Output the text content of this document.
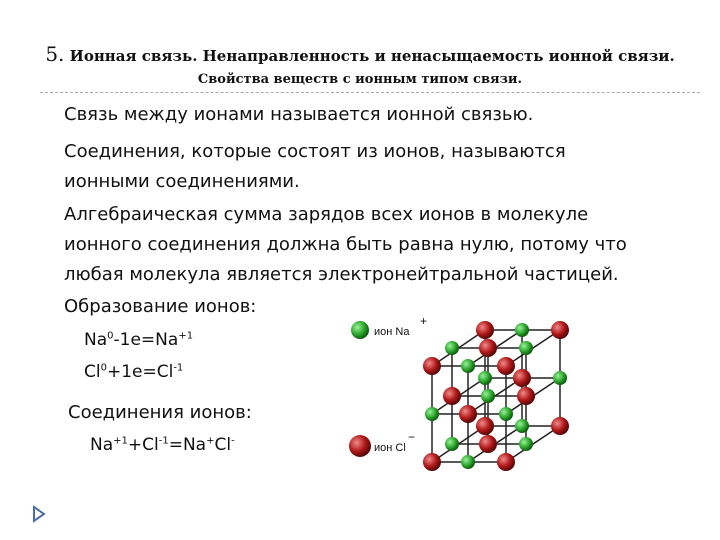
5. Ионная связь. Ненаправленность и ненасыщаемость ионной связи.
Свойства веществ с ионным типом связи.
Связь между ионами называется ионной связью.
Соединения, которые состоят из ионов, называются
ионными соединениями.
Алгебраическая сумма зарядов всех ионов в молекуле
ионного соединения должна быть равна нулю, потому что
любая молекула является электронейтральной частицей.
Образование ионов:
$Na^0-1e=Na^{+1}$
$Cl^0+1e=Cl^{-1}$
Соединения ионов:
$Na^{+1}+Cl^{-1}=Na^+Cl^-$
ион Na
+
ион Cl
−
